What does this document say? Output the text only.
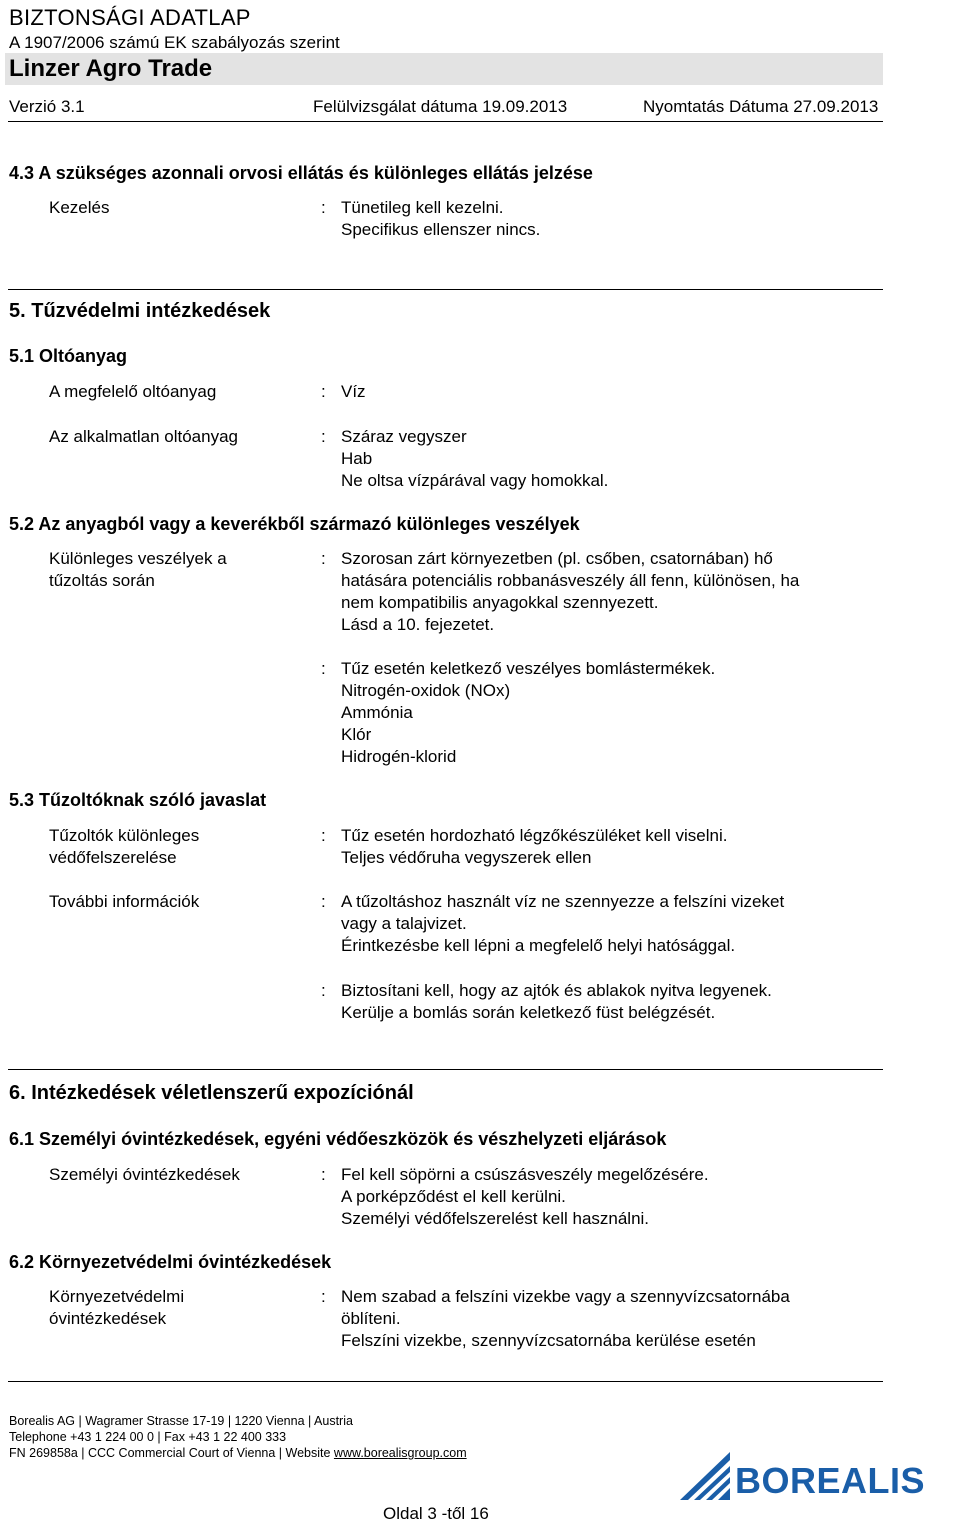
BIZTONSÁGI ADATLAP
A 1907/2006 számú EK szabályozás szerint
Linzer Agro Trade
Verzió 3.1	Felülvizsgálat dátuma 19.09.2013	Nyomtatás Dátuma 27.09.2013
4.3 A szükséges azonnali orvosi ellátás és különleges ellátás jelzése
Kezelés	: Tünetileg kell kezelni.
Specifikus ellenszer nincs.
5. Tűzvédelmi intézkedések
5.1 Oltóanyag
A megfelelő oltóanyag	: Víz
Az alkalmatlan oltóanyag	: Száraz vegyszer
Hab
Ne oltsa vízpárával vagy homokkal.
5.2 Az anyagból vagy a keverékből származó különleges veszélyek
Különleges veszélyek a
tűzoltás során
: Szorosan zárt környezetben (pl. csőben, csatornában) hő
hatására potenciális robbanásveszély áll fenn, különösen, ha
nem kompatibilis anyagokkal szennyezett.
Lásd a 10. fejezetet.
: Tűz esetén keletkező veszélyes bomlástermékek.
Nitrogén-oxidok (NOx)
Ammónia
Klór
Hidrogén-klorid
5.3 Tűzoltóknak szóló javaslat
Tűzoltók különleges
védőfelszerelése
: Tűz esetén hordozható légzőkészüléket kell viselni.
Teljes védőruha vegyszerek ellen
További információk	: A tűzoltáshoz használt víz ne szennyezze a felszíni vizeket
vagy a talajvizet.
Érintkezésbe kell lépni a megfelelő helyi hatósággal.
: Biztosítani kell, hogy az ajtók és ablakok nyitva legyenek.
Kerülje a bomlás során keletkező füst belégzését.
6. Intézkedések véletlenszerű expozíciónál
6.1 Személyi óvintézkedések, egyéni védőeszközök és vészhelyzeti eljárások
Személyi óvintézkedések	: Fel kell söpörni a csúszásveszély megelőzésére.
A porképződést el kell kerülni.
Személyi védőfelszerelést kell használni.
6.2 Környezetvédelmi óvintézkedések
Környezetvédelmi
óvintézkedések
: Nem szabad a felszíni vizekbe vagy a szennyvízcsatornába
öblíteni.
Felszíni vizekbe, szennyvízcsatornába kerülése esetén
Borealis AG | Wagramer Strasse 17-19 | 1220 Vienna | Austria
Telephone +43 1 224 00 0 | Fax +43 1 22 400 333
FN 269858a | CCC Commercial Court of Vienna | Website www.borealisgroup.com
BOREALIS
Oldal 3 -től 16
